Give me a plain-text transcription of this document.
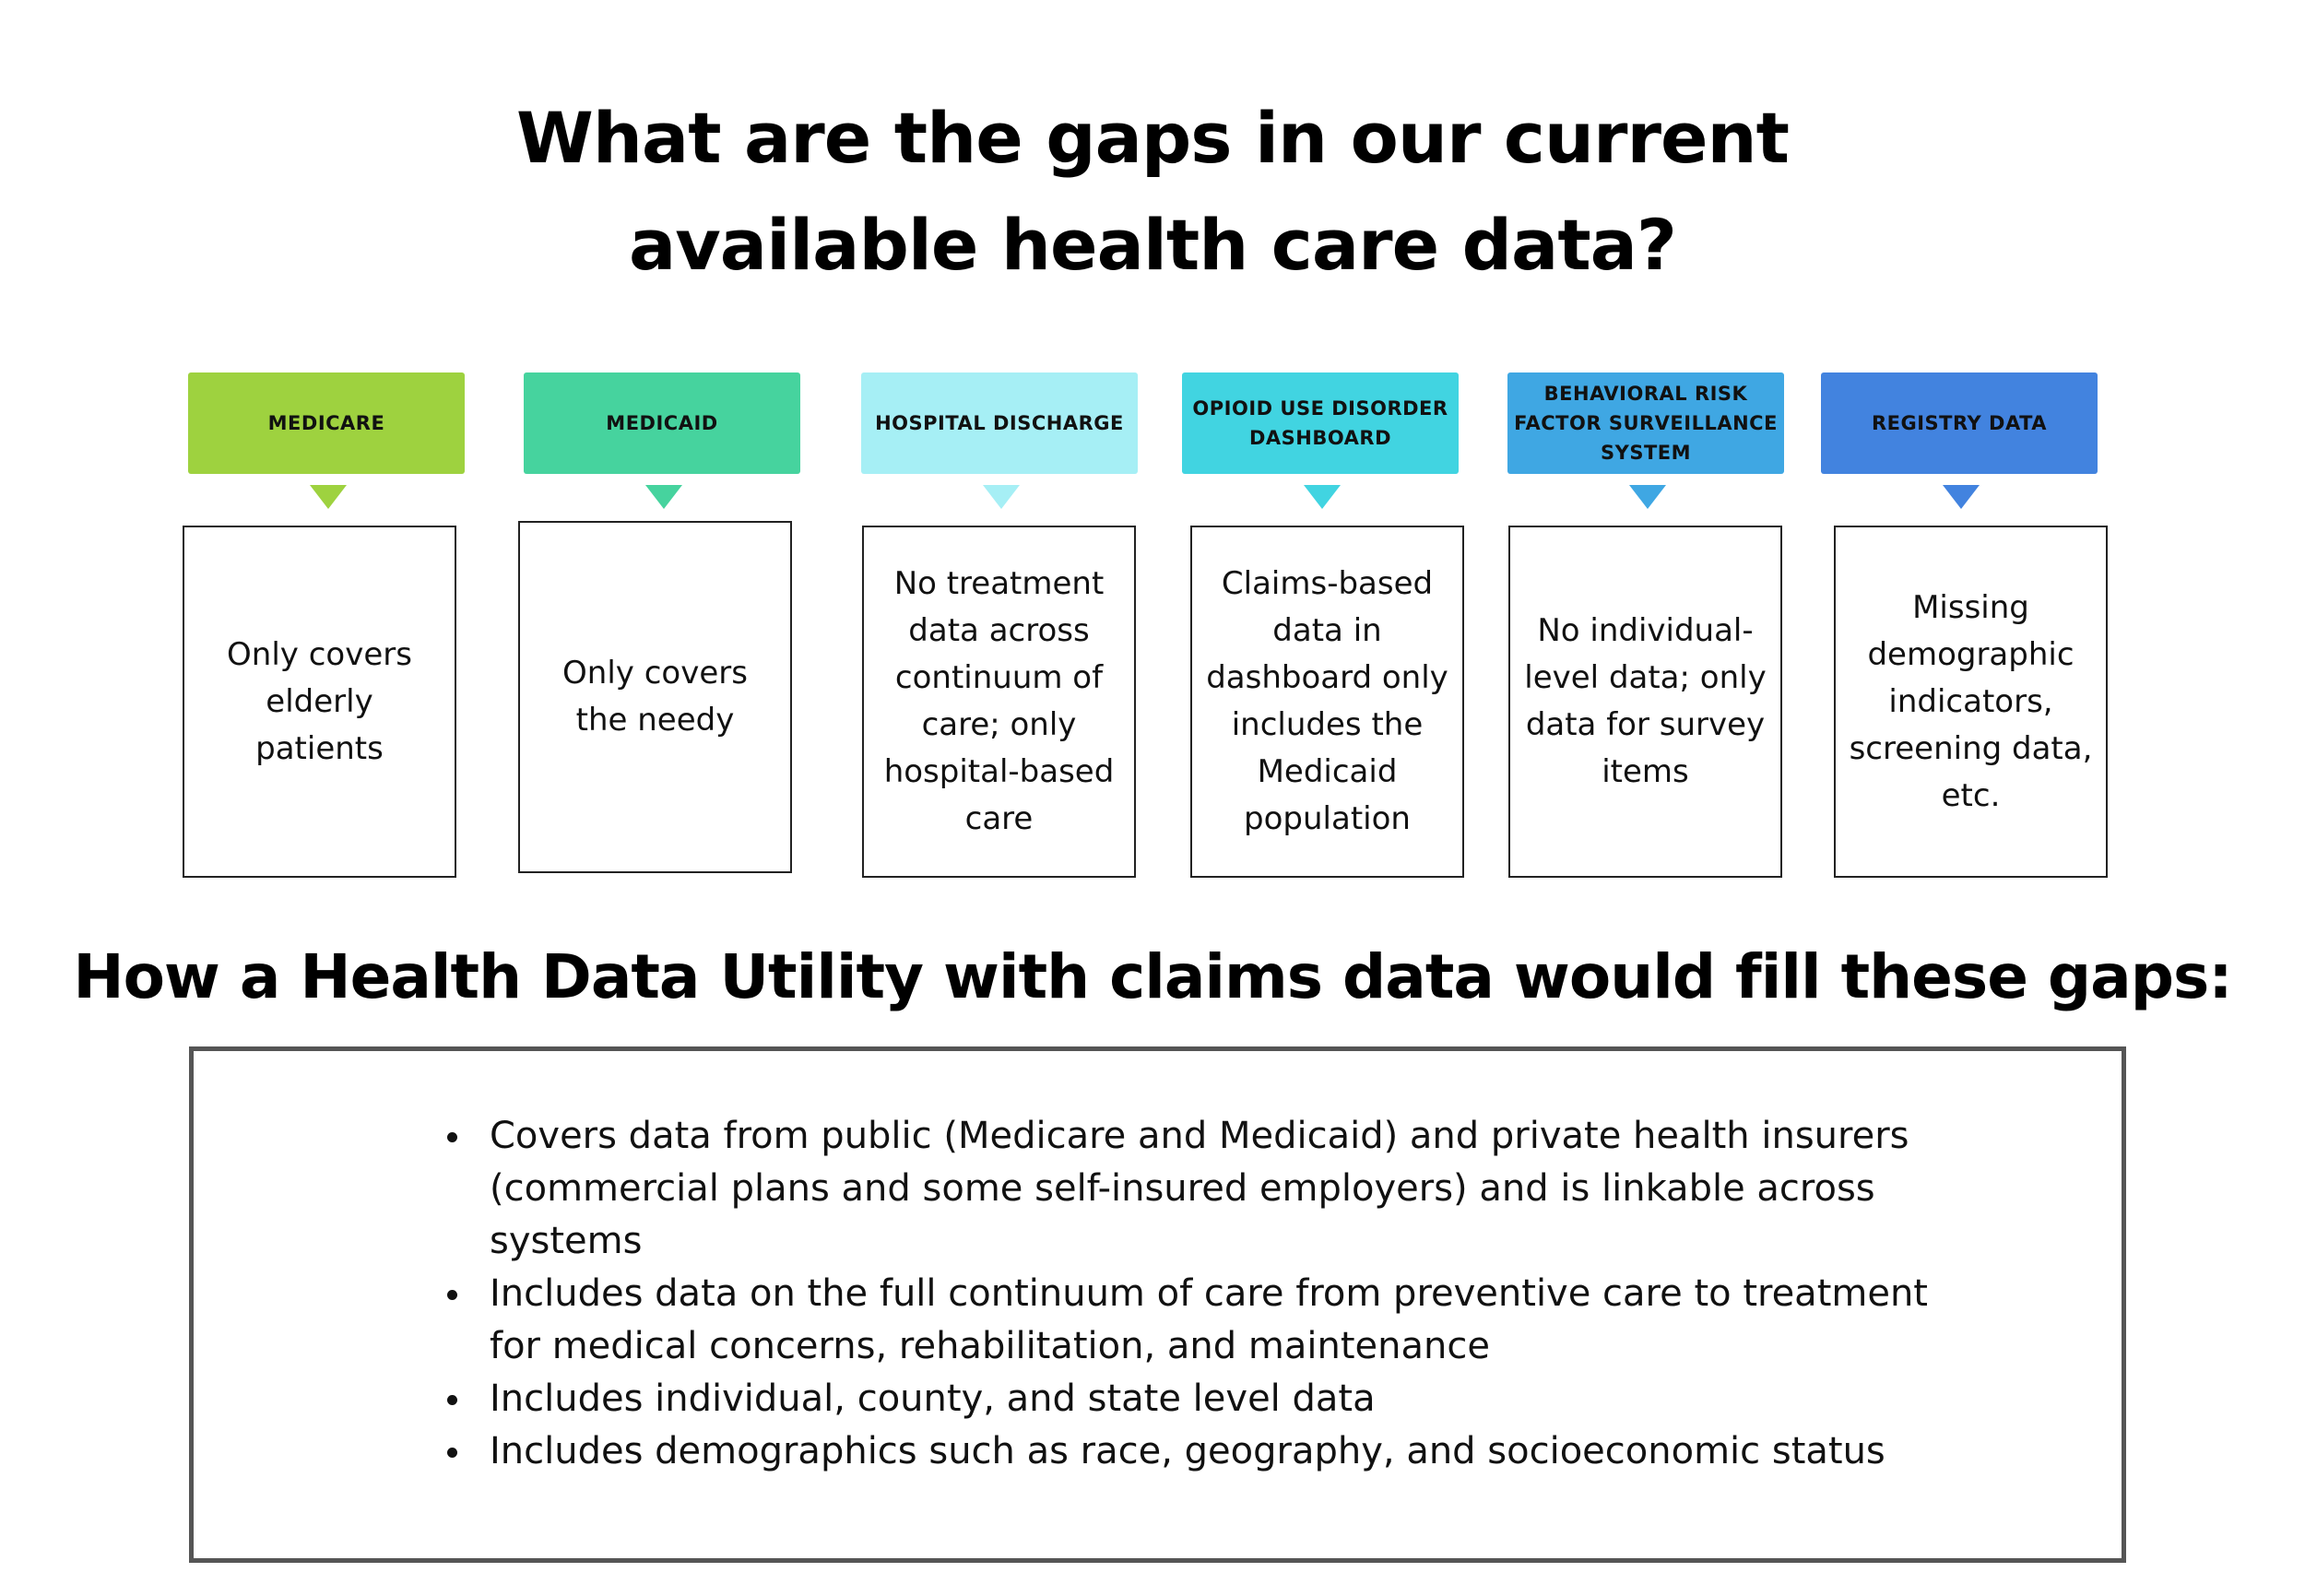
What are the gaps in our current
available health care data?
MEDICARE
Only covers elderly patients
MEDICAID
Only covers the needy
HOSPITAL DISCHARGE
No treatment data across continuum of care; only hospital-based care
OPIOID USE DISORDER DASHBOARD
Claims-based data in dashboard only includes the Medicaid population
BEHAVIORAL RISK FACTOR SURVEILLANCE SYSTEM
No individual-level data; only data for survey items
REGISTRY DATA
Missing demographic indicators, screening data, etc.
How a Health Data Utility with claims data would fill these gaps:
Covers data from public (Medicare and Medicaid) and private health insurers (commercial plans and some self-insured employers) and is linkable across systems
Includes data on the full continuum of care from preventive care to treatment for medical concerns, rehabilitation, and maintenance
Includes individual, county, and state level data
Includes demographics such as race, geography, and socioeconomic status
